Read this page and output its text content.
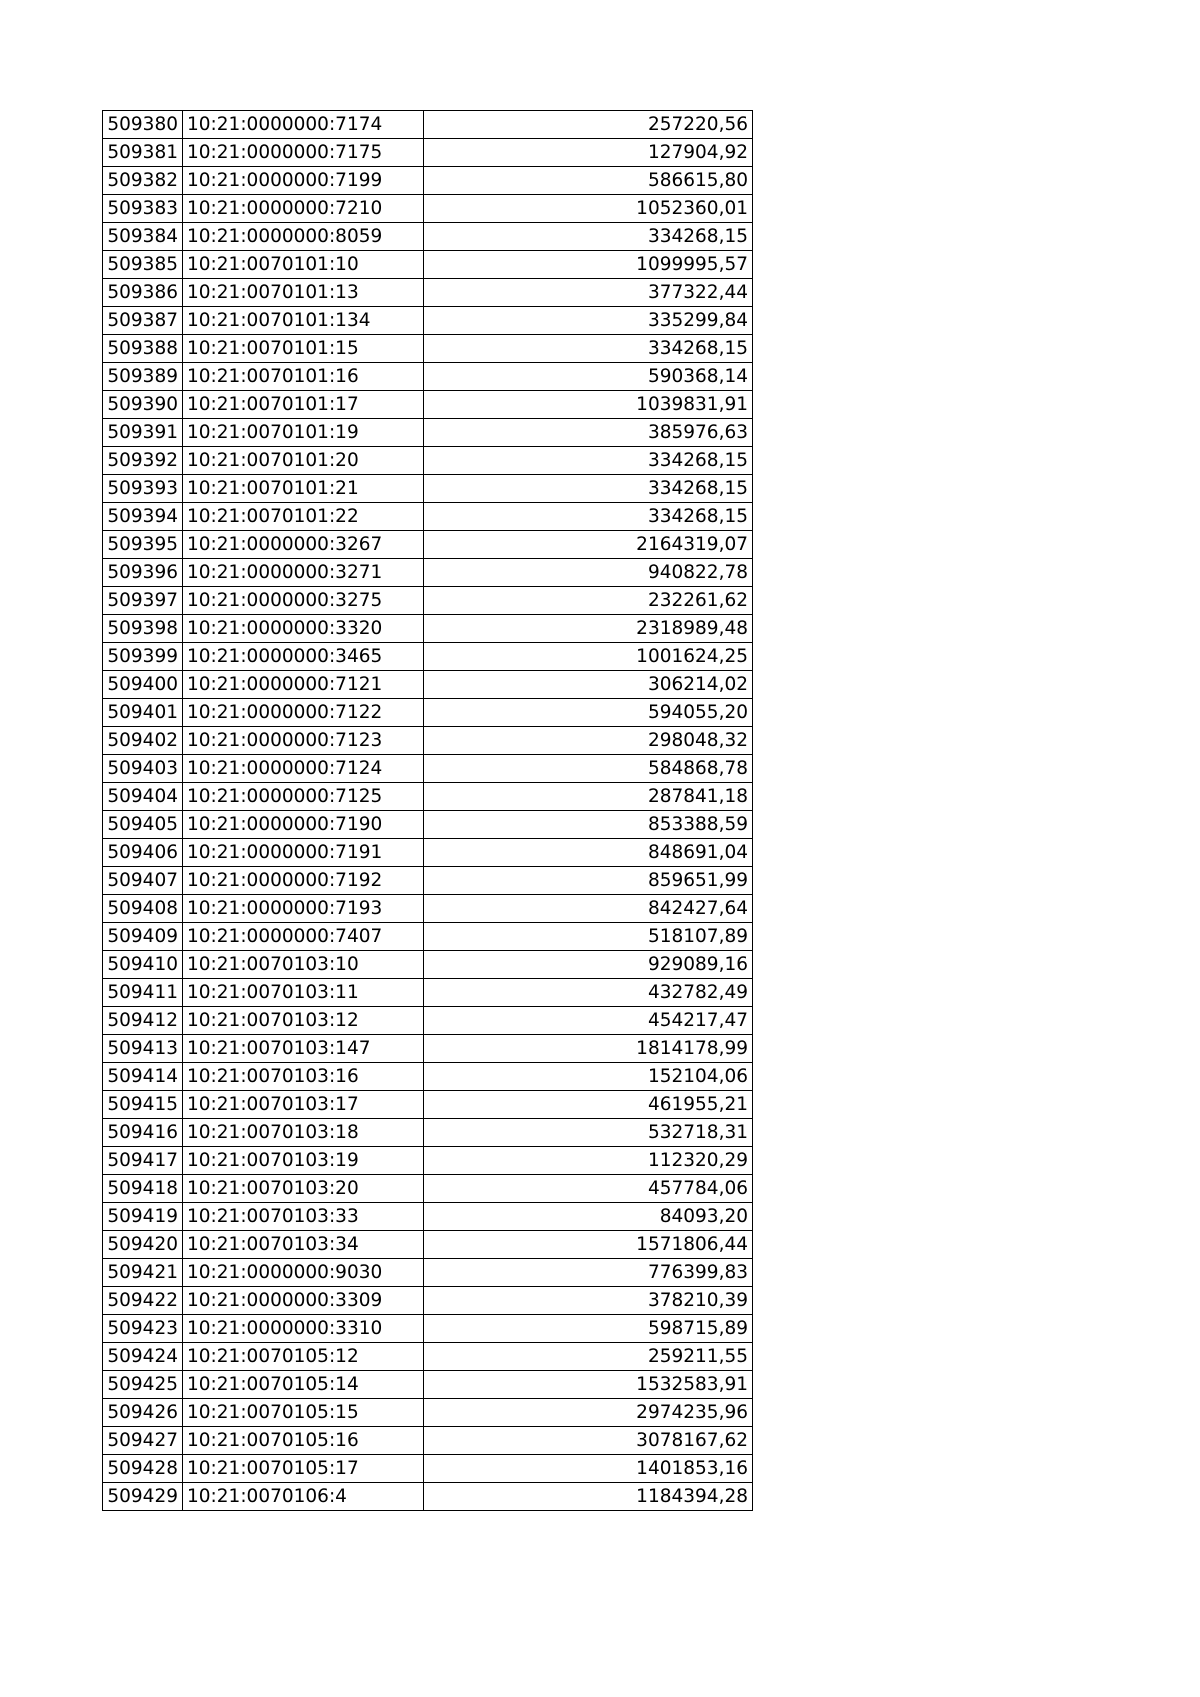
509380	10:21:0000000:7174	257220,56
509381	10:21:0000000:7175	127904,92
509382	10:21:0000000:7199	586615,80
509383	10:21:0000000:7210	1052360,01
509384	10:21:0000000:8059	334268,15
509385	10:21:0070101:10	1099995,57
509386	10:21:0070101:13	377322,44
509387	10:21:0070101:134	335299,84
509388	10:21:0070101:15	334268,15
509389	10:21:0070101:16	590368,14
509390	10:21:0070101:17	1039831,91
509391	10:21:0070101:19	385976,63
509392	10:21:0070101:20	334268,15
509393	10:21:0070101:21	334268,15
509394	10:21:0070101:22	334268,15
509395	10:21:0000000:3267	2164319,07
509396	10:21:0000000:3271	940822,78
509397	10:21:0000000:3275	232261,62
509398	10:21:0000000:3320	2318989,48
509399	10:21:0000000:3465	1001624,25
509400	10:21:0000000:7121	306214,02
509401	10:21:0000000:7122	594055,20
509402	10:21:0000000:7123	298048,32
509403	10:21:0000000:7124	584868,78
509404	10:21:0000000:7125	287841,18
509405	10:21:0000000:7190	853388,59
509406	10:21:0000000:7191	848691,04
509407	10:21:0000000:7192	859651,99
509408	10:21:0000000:7193	842427,64
509409	10:21:0000000:7407	518107,89
509410	10:21:0070103:10	929089,16
509411	10:21:0070103:11	432782,49
509412	10:21:0070103:12	454217,47
509413	10:21:0070103:147	1814178,99
509414	10:21:0070103:16	152104,06
509415	10:21:0070103:17	461955,21
509416	10:21:0070103:18	532718,31
509417	10:21:0070103:19	112320,29
509418	10:21:0070103:20	457784,06
509419	10:21:0070103:33	84093,20
509420	10:21:0070103:34	1571806,44
509421	10:21:0000000:9030	776399,83
509422	10:21:0000000:3309	378210,39
509423	10:21:0000000:3310	598715,89
509424	10:21:0070105:12	259211,55
509425	10:21:0070105:14	1532583,91
509426	10:21:0070105:15	2974235,96
509427	10:21:0070105:16	3078167,62
509428	10:21:0070105:17	1401853,16
509429	10:21:0070106:4	1184394,28
